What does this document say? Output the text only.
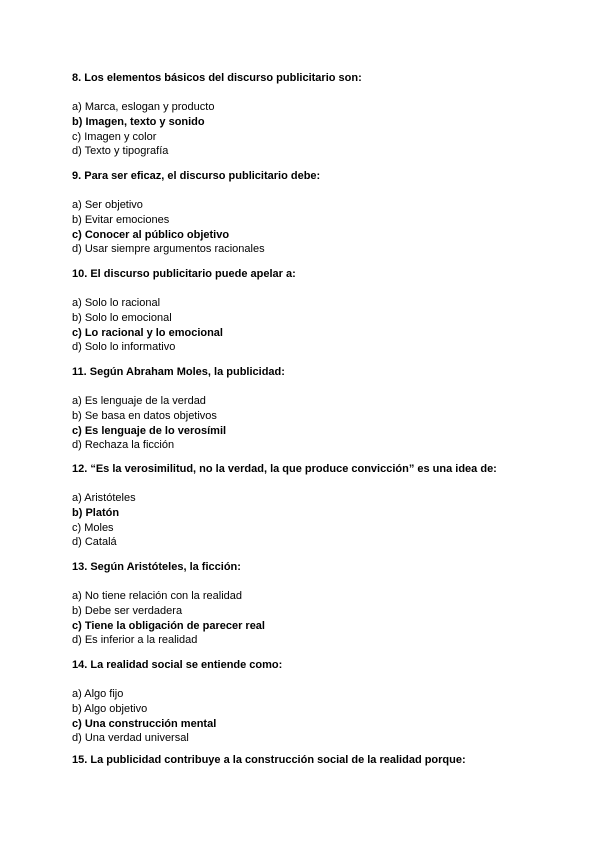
8. Los elementos básicos del discurso publicitario son:
a) Marca, eslogan y producto
b) Imagen, texto y sonido
c) Imagen y color
d) Texto y tipografía
9. Para ser eficaz, el discurso publicitario debe:
a) Ser objetivo
b) Evitar emociones
c) Conocer al público objetivo
d) Usar siempre argumentos racionales
10. El discurso publicitario puede apelar a:
a) Solo lo racional
b) Solo lo emocional
c) Lo racional y lo emocional
d) Solo lo informativo
11. Según Abraham Moles, la publicidad:
a) Es lenguaje de la verdad
b) Se basa en datos objetivos
c) Es lenguaje de lo verosímil
d) Rechaza la ficción
12. “Es la verosimilitud, no la verdad, la que produce convicción” es una idea de:
a) Aristóteles
b) Platón
c) Moles
d) Catalá
13. Según Aristóteles, la ficción:
a) No tiene relación con la realidad
b) Debe ser verdadera
c) Tiene la obligación de parecer real
d) Es inferior a la realidad
14. La realidad social se entiende como:
a) Algo fijo
b) Algo objetivo
c) Una construcción mental
d) Una verdad universal
15. La publicidad contribuye a la construcción social de la realidad porque:
